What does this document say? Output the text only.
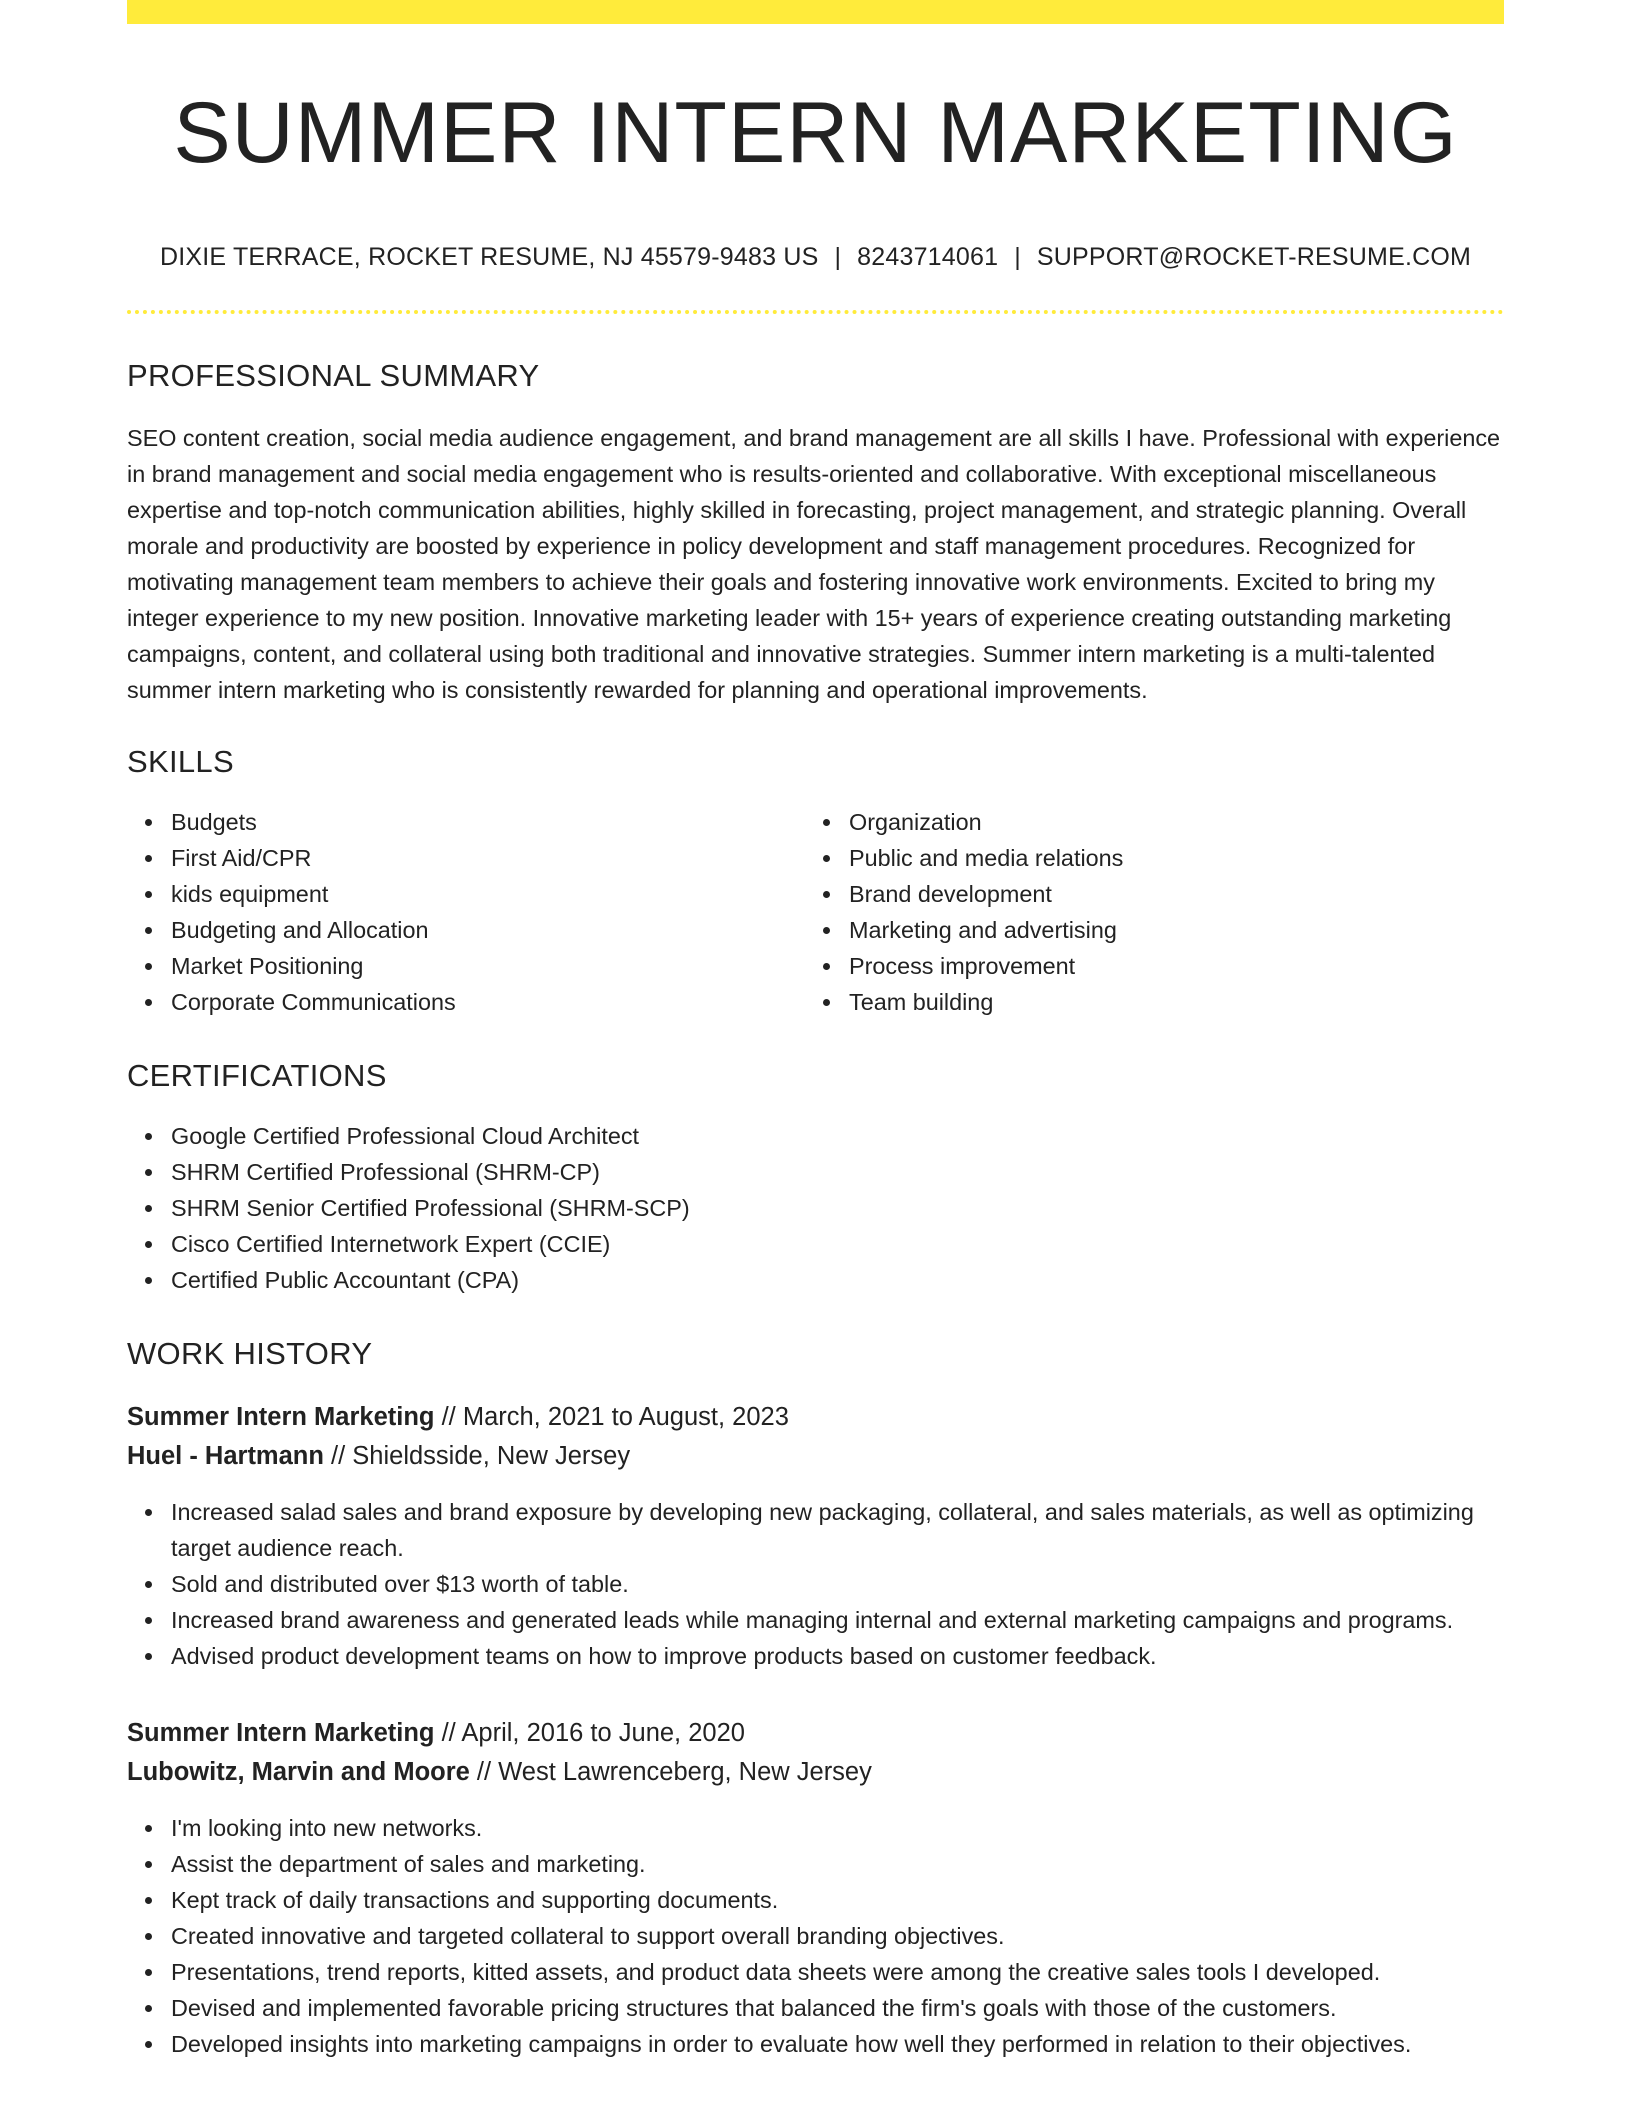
SUMMER INTERN MARKETING
DIXIE TERRACE, ROCKET RESUME, NJ 45579-9483 US | 8243714061 | SUPPORT@ROCKET-RESUME.COM
PROFESSIONAL SUMMARY

SEO content creation, social media audience engagement, and brand management are all skills I have. Professional with experience in brand management and social media engagement who is results-oriented and collaborative. With exceptional miscellaneous expertise and top-notch communication abilities, highly skilled in forecasting, project management, and strategic planning. Overall morale and productivity are boosted by experience in policy development and staff management procedures. Recognized for motivating management team members to achieve their goals and fostering innovative work environments. Excited to bring my integer experience to my new position. Innovative marketing leader with 15+ years of experience creating outstanding marketing campaigns, content, and collateral using both traditional and innovative strategies. Summer intern marketing is a multi-talented summer intern marketing who is consistently rewarded for planning and operational improvements.

SKILLS
Budgets
First Aid/CPR
kids equipment
Budgeting and Allocation
Market Positioning
Corporate Communications
Organization
Public and media relations
Brand development
Marketing and advertising
Process improvement
Team building
CERTIFICATIONS
Google Certified Professional Cloud Architect
SHRM Certified Professional (SHRM-CP)
SHRM Senior Certified Professional (SHRM-SCP)
Cisco Certified Internetwork Expert (CCIE)
Certified Public Accountant (CPA)
WORK HISTORY
Summer Intern Marketing // March, 2021 to August, 2023
Huel - Hartmann // Shieldsside, New Jersey
Increased salad sales and brand exposure by developing new packaging, collateral, and sales materials, as well as optimizing target audience reach.
Sold and distributed over $13 worth of table.
Increased brand awareness and generated leads while managing internal and external marketing campaigns and programs.
Advised product development teams on how to improve products based on customer feedback.
Summer Intern Marketing // April, 2016 to June, 2020
Lubowitz, Marvin and Moore // West Lawrenceberg, New Jersey
I'm looking into new networks.
Assist the department of sales and marketing.
Kept track of daily transactions and supporting documents.
Created innovative and targeted collateral to support overall branding objectives.
Presentations, trend reports, kitted assets, and product data sheets were among the creative sales tools I developed.
Devised and implemented favorable pricing structures that balanced the firm's goals with those of the customers.
Developed insights into marketing campaigns in order to evaluate how well they performed in relation to their objectives.
